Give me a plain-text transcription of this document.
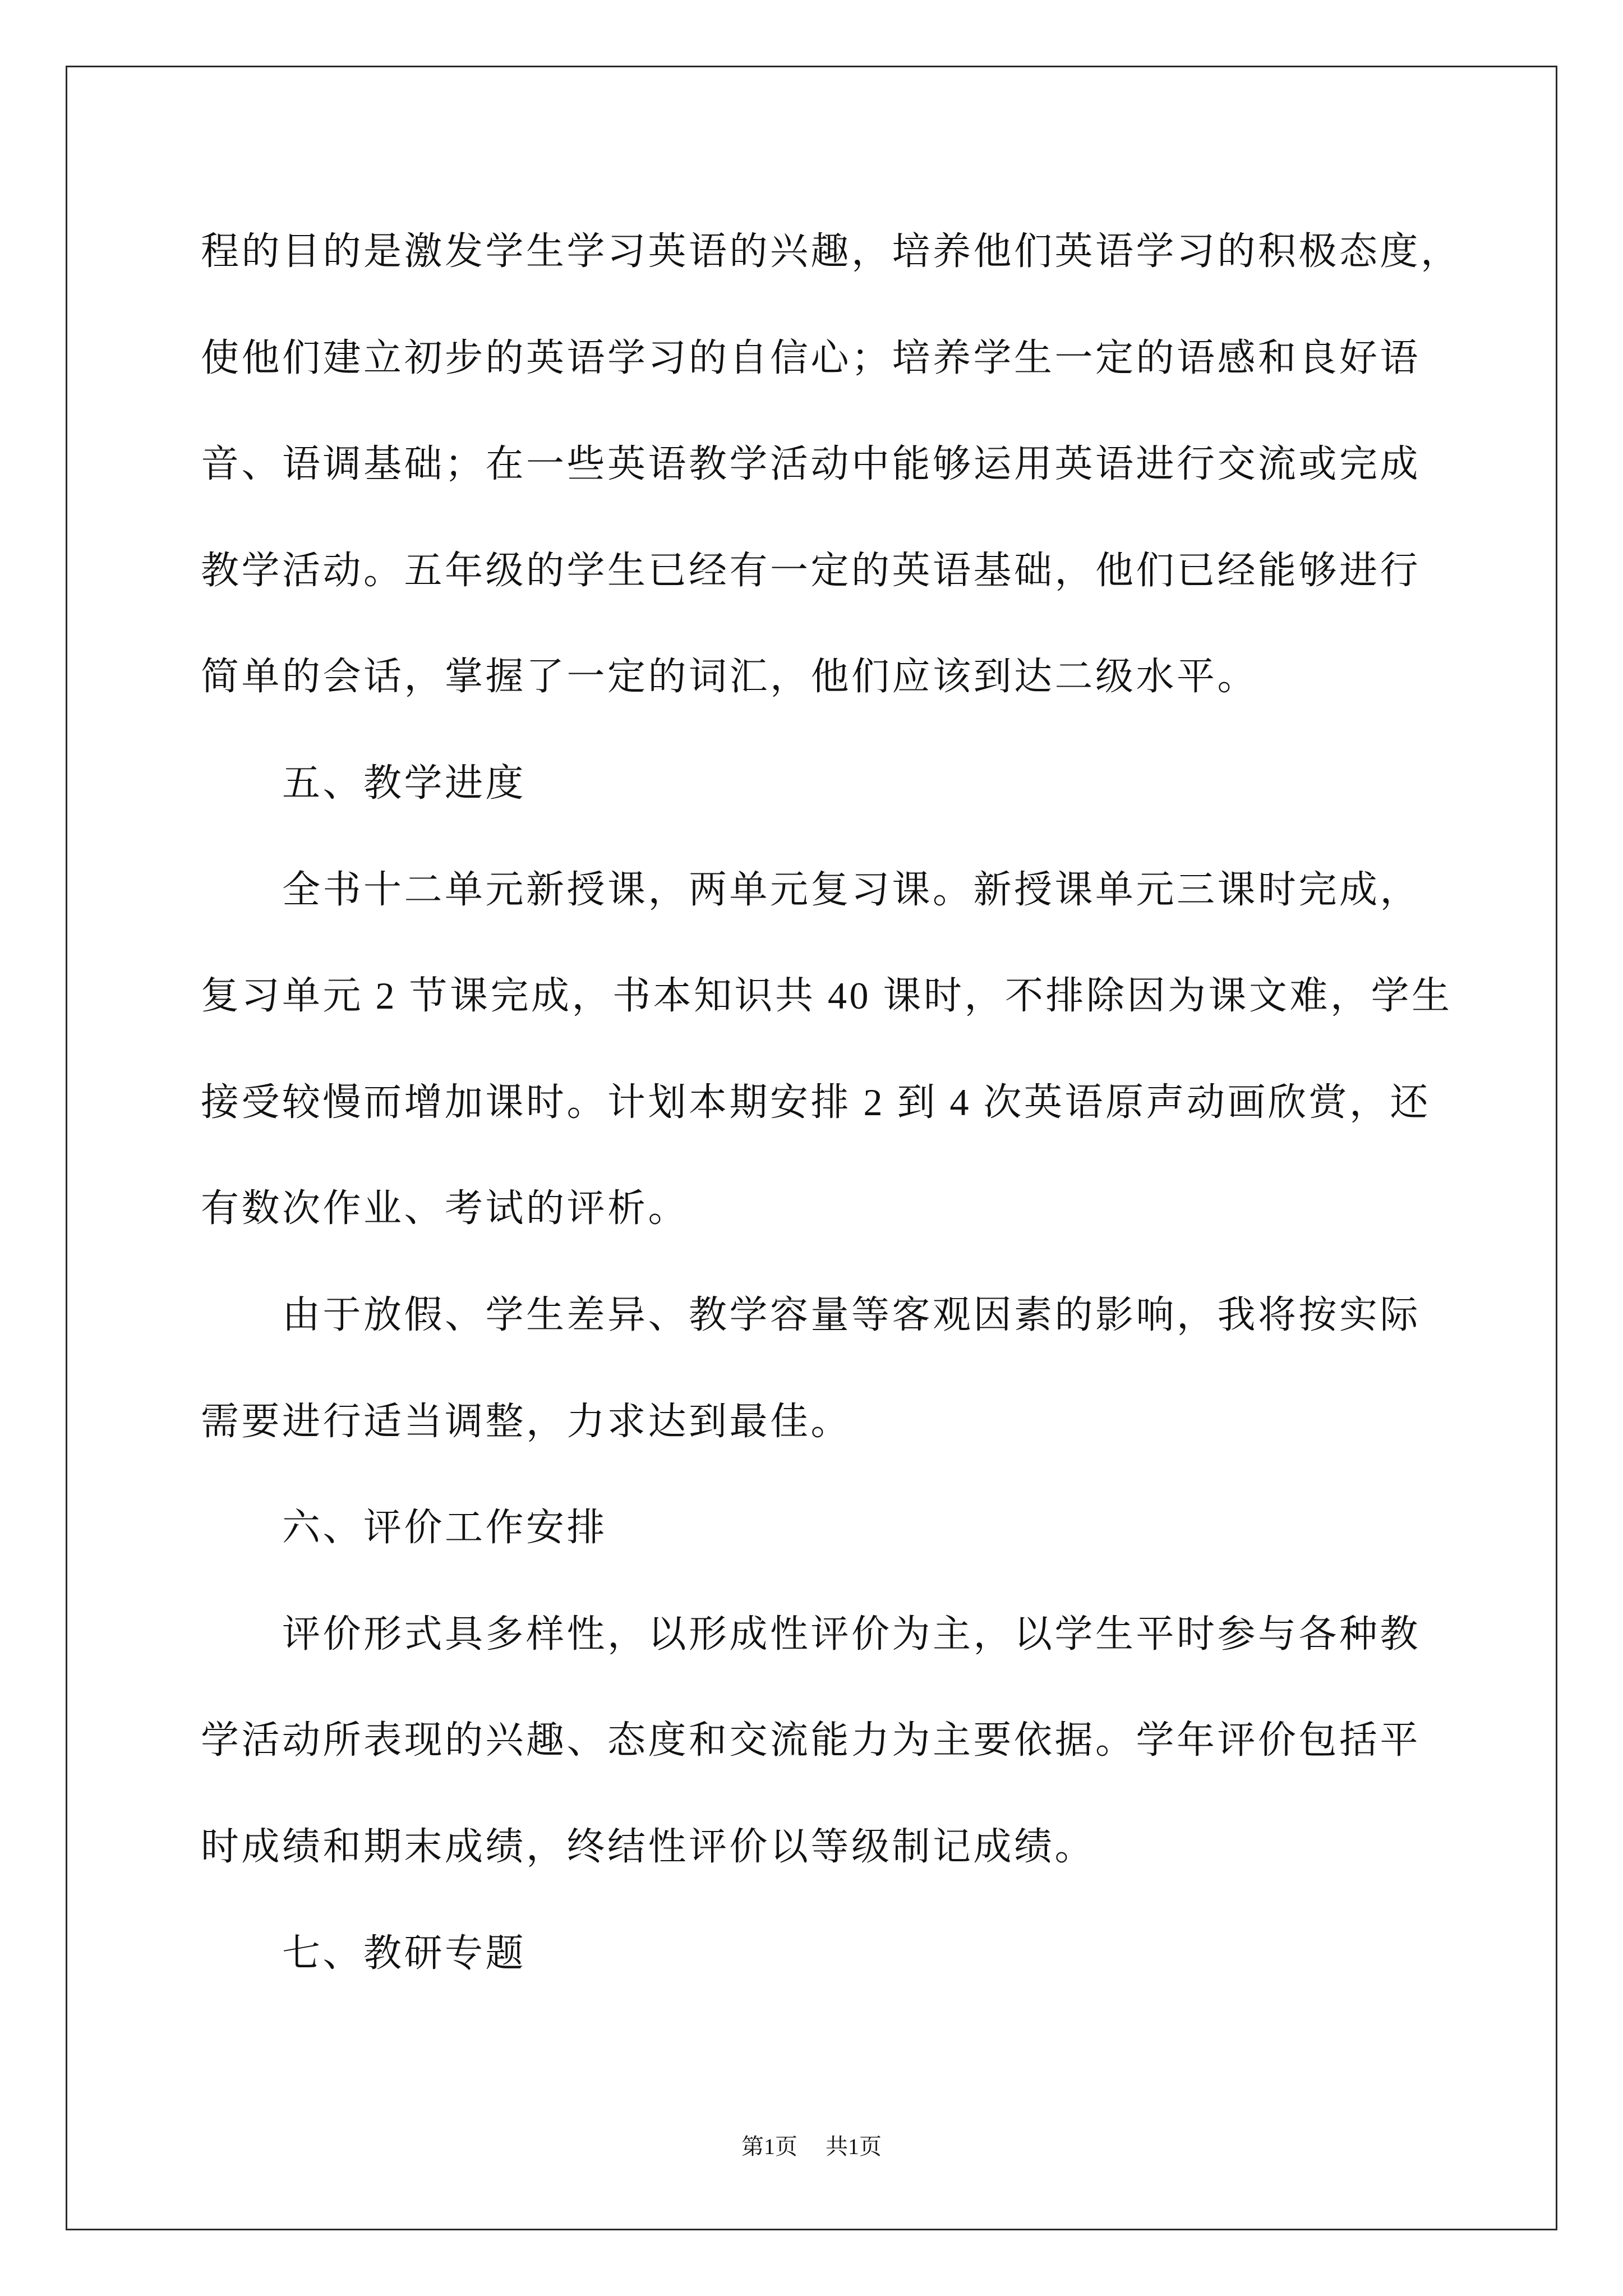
程的目的是激发学生学习英语的兴趣，培养他们英语学习的积极态度，
使他们建立初步的英语学习的自信心；培养学生一定的语感和良好语
音、语调基础；在一些英语教学活动中能够运用英语进行交流或完成
教学活动。五年级的学生已经有一定的英语基础，他们已经能够进行
简单的会话，掌握了一定的词汇，他们应该到达二级水平。
五、教学进度
全书十二单元新授课，两单元复习课。新授课单元三课时完成，
复习单元 2 节课完成，书本知识共 40 课时，不排除因为课文难，学生
接受较慢而增加课时。计划本期安排 2 到 4 次英语原声动画欣赏，还
有数次作业、考试的评析。
由于放假、学生差异、教学容量等客观因素的影响，我将按实际
需要进行适当调整，力求达到最佳。
六、评价工作安排
评价形式具多样性，以形成性评价为主，以学生平时参与各种教
学活动所表现的兴趣、态度和交流能力为主要依据。学年评价包括平
时成绩和期末成绩，终结性评价以等级制记成绩。
七、教研专题
第1页 共1页
